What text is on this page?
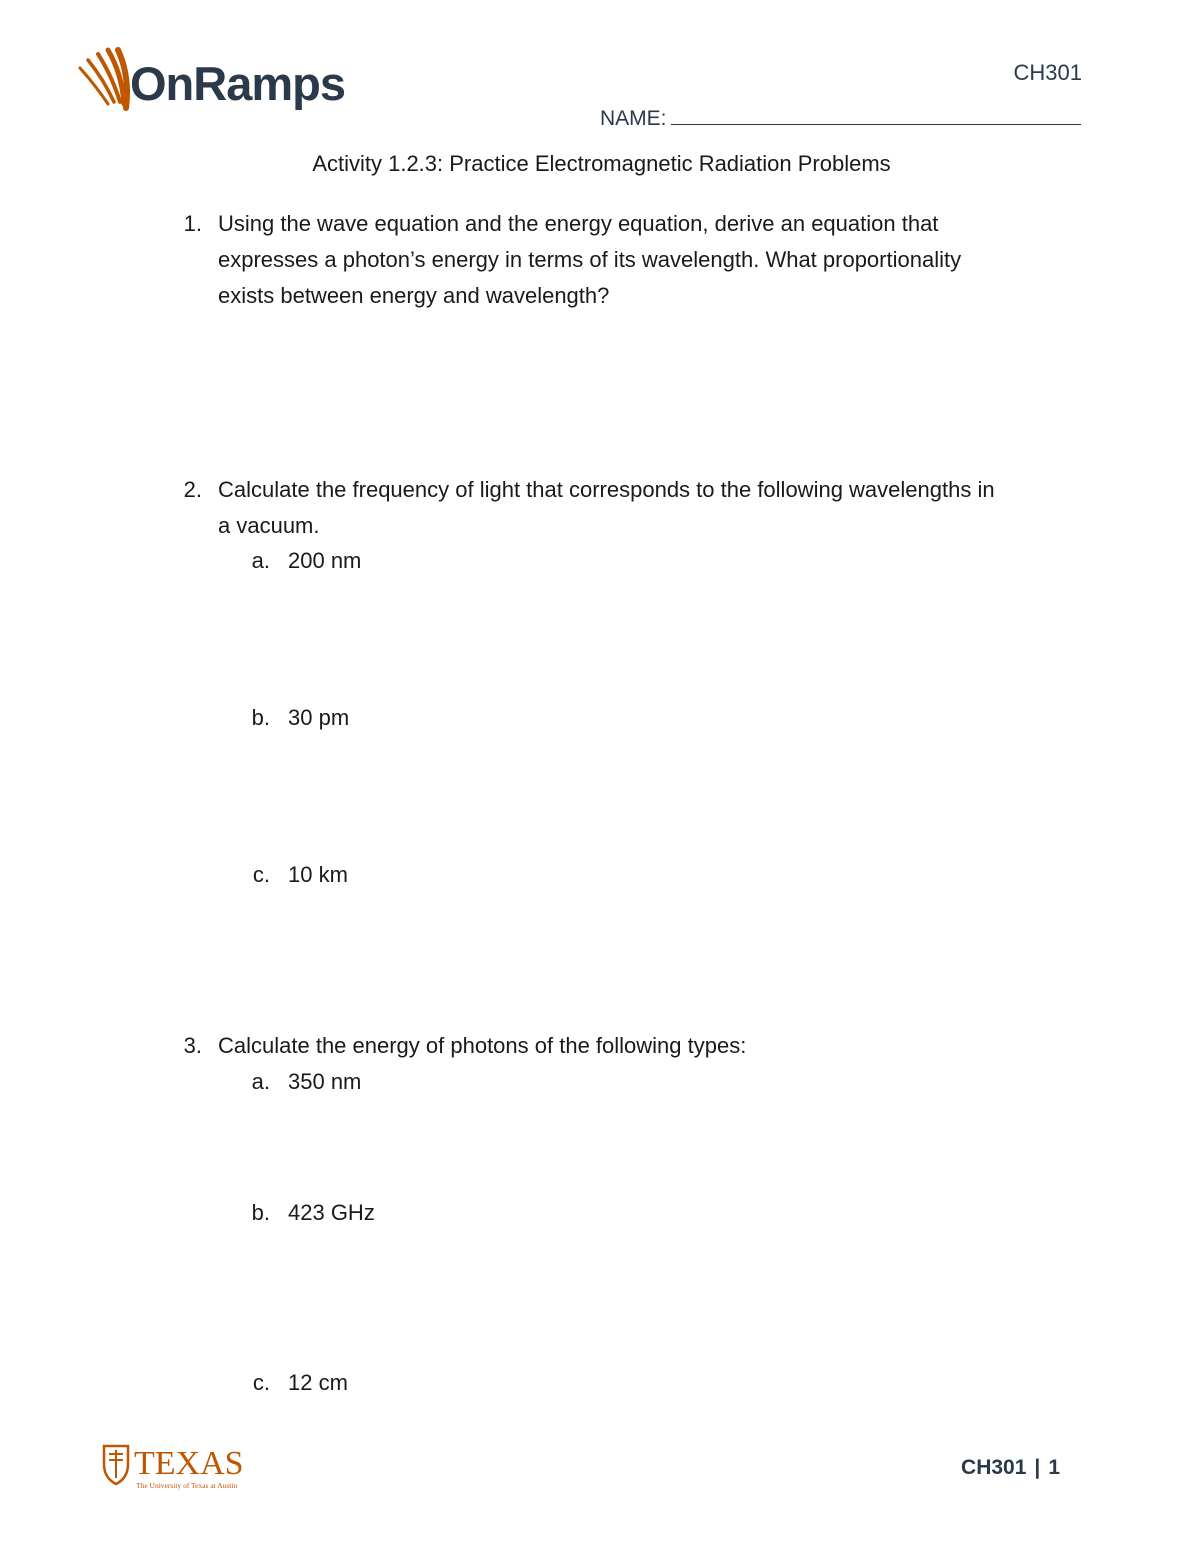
OnRamps	CH301
NAME:
Activity 1.2.3: Practice Electromagnetic Radiation Problems
1. Using the wave equation and the energy equation, derive an equation that
expresses a photon’s energy in terms of its wavelength. What proportionality
exists between energy and wavelength?
2. Calculate the frequency of light that corresponds to the following wavelengths in
a vacuum.
a. 200 nm
b. 30 pm
c. 10 km
3. Calculate the energy of photons of the following types:
a. 350 nm
b. 423 GHz
c. 12 cm
TEXAS
The University of Texas at Austin
CH301 | 1
